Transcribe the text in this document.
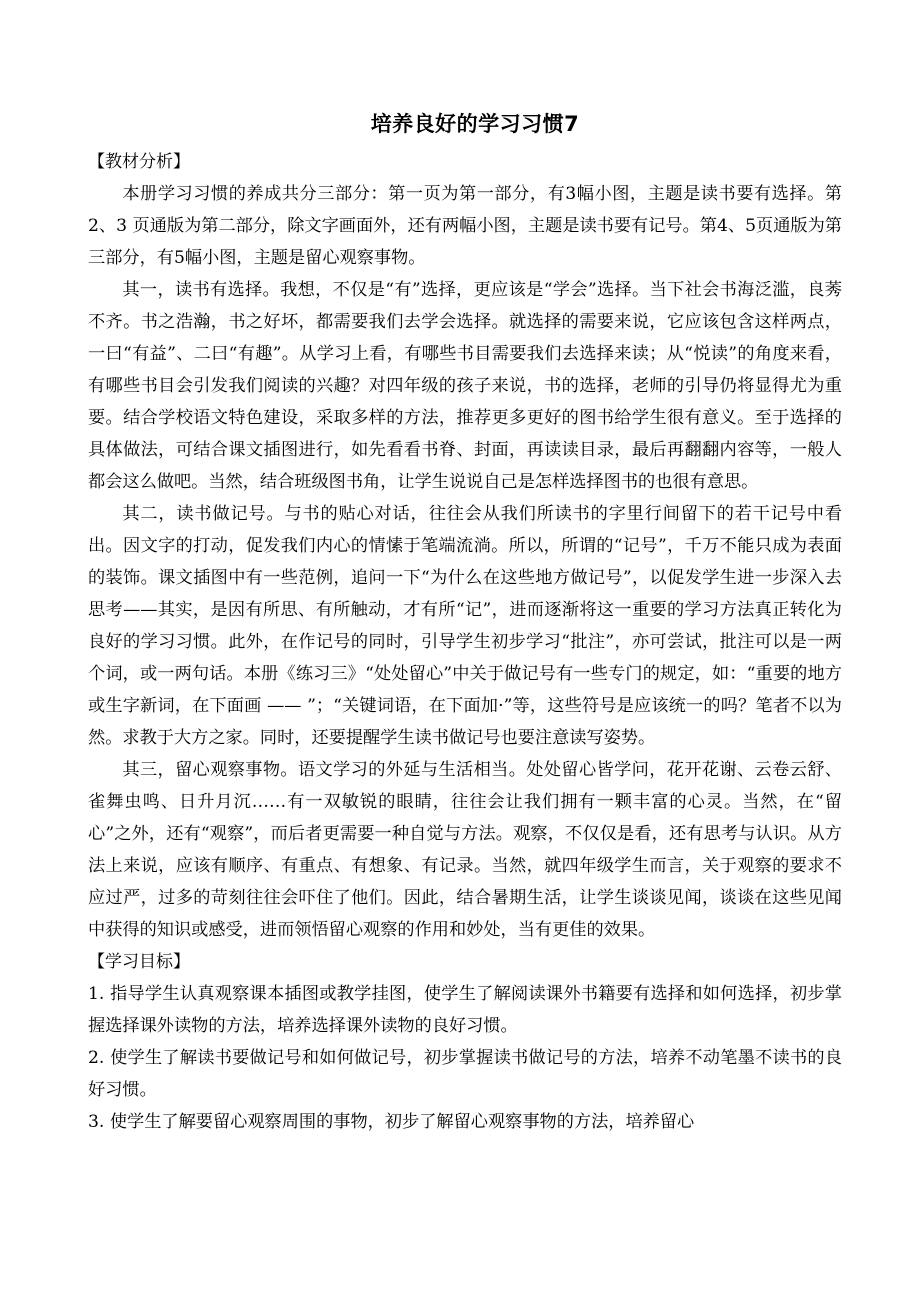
培养良好的学习习惯7

【教材分析】

本册学习习惯的养成共分三部分：第一页为第一部分，有3幅小图，主题是读书要有选择。第2、3 页通版为第二部分，除文字画面外，还有两幅小图，主题是读书要有记号。第4、5页通版为第三部分，有5幅小图，主题是留心观察事物。

其一，读书有选择。我想，不仅是“有”选择，更应该是“学会”选择。当下社会书海泛滥，良莠不齐。书之浩瀚，书之好坏，都需要我们去学会选择。就选择的需要来说，它应该包含这样两点，一曰“有益”、二曰“有趣”。从学习上看，有哪些书目需要我们去选择来读；从“悦读”的角度来看，有哪些书目会引发我们阅读的兴趣？对四年级的孩子来说，书的选择，老师的引导仍将显得尤为重要。结合学校语文特色建设，采取多样的方法，推荐更多更好的图书给学生很有意义。至于选择的具体做法，可结合课文插图进行，如先看看书脊、封面，再读读目录，最后再翻翻内容等，一般人都会这么做吧。当然，结合班级图书角，让学生说说自己是怎样选择图书的也很有意思。

其二，读书做记号。与书的贴心对话，往往会从我们所读书的字里行间留下的若干记号中看出。因文字的打动，促发我们内心的情愫于笔端流淌。所以，所谓的“记号”，千万不能只成为表面的装饰。课文插图中有一些范例，追问一下“为什么在这些地方做记号”，以促发学生进一步深入去思考——其实，是因有所思、有所触动，才有所“记”，进而逐渐将这一重要的学习方法真正转化为良好的学习习惯。此外，在作记号的同时，引导学生初步学习“批注”，亦可尝试，批注可以是一两个词，或一两句话。本册《练习三》“处处留心”中关于做记号有一些专门的规定，如：“重要的地方或生字新词，在下面画 —— ”；“关键词语，在下面加·”等，这些符号是应该统一的吗？笔者不以为然。求教于大方之家。同时，还要提醒学生读书做记号也要注意读写姿势。

其三，留心观察事物。语文学习的外延与生活相当。处处留心皆学问，花开花谢、云卷云舒、雀舞虫鸣、日升月沉……有一双敏锐的眼睛，往往会让我们拥有一颗丰富的心灵。当然，在“留心”之外，还有“观察”，而后者更需要一种自觉与方法。观察，不仅仅是看，还有思考与认识。从方法上来说，应该有顺序、有重点、有想象、有记录。当然，就四年级学生而言，关于观察的要求不应过严，过多的苛刻往往会吓住了他们。因此，结合暑期生活，让学生谈谈见闻，谈谈在这些见闻中获得的知识或感受，进而领悟留心观察的作用和妙处，当有更佳的效果。

【学习目标】

1. 指导学生认真观察课本插图或教学挂图，使学生了解阅读课外书籍要有选择和如何选择，初步掌握选择课外读物的方法，培养选择课外读物的良好习惯。

2. 使学生了解读书要做记号和如何做记号，初步掌握读书做记号的方法，培养不动笔墨不读书的良好习惯。

3. 使学生了解要留心观察周围的事物，初步了解留心观察事物的方法，培养留心
